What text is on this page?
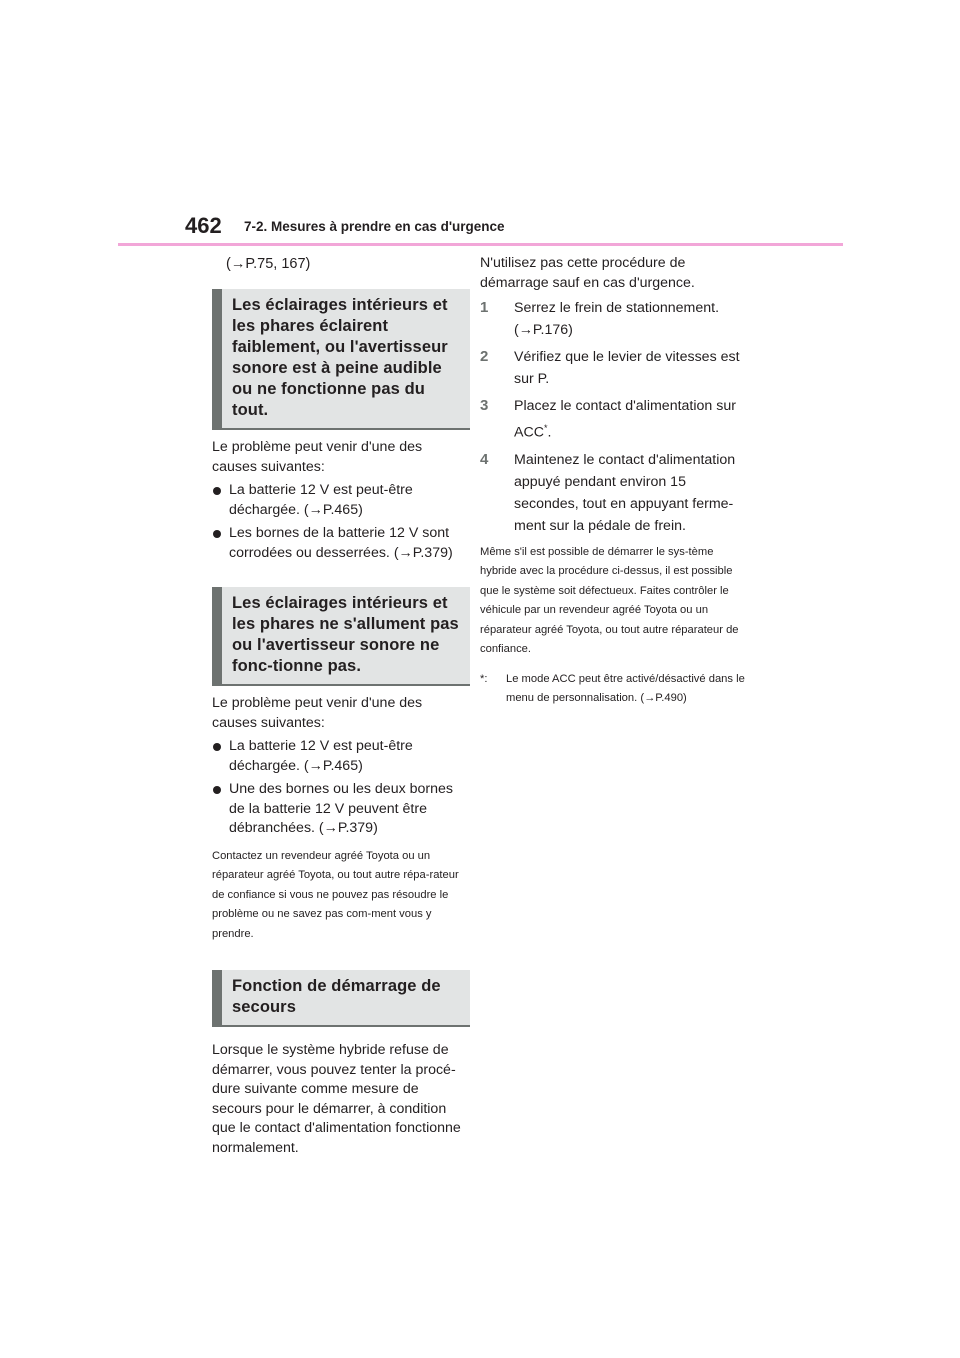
462 7-2. Mesures à prendre en cas d'urgence

(→P.75, 167)

Les éclairages intérieurs et les phares éclairent faiblement, ou l'avertisseur sonore est à peine audible ou ne fonctionne pas du tout.

Le problème peut venir d'une des causes suivantes:

La batterie 12 V est peut-être déchargée. (→P.465)
Les bornes de la batterie 12 V sont corrodées ou desserrées. (→P.379)
Les éclairages intérieurs et les phares ne s'allument pas ou l'avertisseur sonore ne fonc-tionne pas.

Le problème peut venir d'une des causes suivantes:

La batterie 12 V est peut-être déchargée. (→P.465)
Une des bornes ou les deux bornes de la batterie 12 V peuvent être débranchées. (→P.379)

Contactez un revendeur agréé Toyota ou un réparateur agréé Toyota, ou tout autre répa-rateur de confiance si vous ne pouvez pas résoudre le problème ou ne savez pas com-ment vous y prendre.

Fonction de démarrage de secours

Lorsque le système hybride refuse de démarrer, vous pouvez tenter la procé-dure suivante comme mesure de secours pour le démarrer, à condition que le contact d'alimentation fonctionne normalement.

N'utilisez pas cette procédure de démarrage sauf en cas d'urgence.

1 Serrez le frein de stationnement. (→P.176)
2 Vérifiez que le levier de vitesses est sur P.
3 Placez le contact d'alimentation sur ACC*.
4 Maintenez le contact d'alimentation appuyé pendant environ 15 secondes, tout en appuyant ferme-ment sur la pédale de frein.

Même s'il est possible de démarrer le sys-tème hybride avec la procédure ci-dessus, il est possible que le système soit défectueux. Faites contrôler le véhicule par un revendeur agréé Toyota ou un réparateur agréé Toyota, ou tout autre réparateur de confiance.

*: Le mode ACC peut être activé/désactivé dans le menu de personnalisation. (→P.490)
